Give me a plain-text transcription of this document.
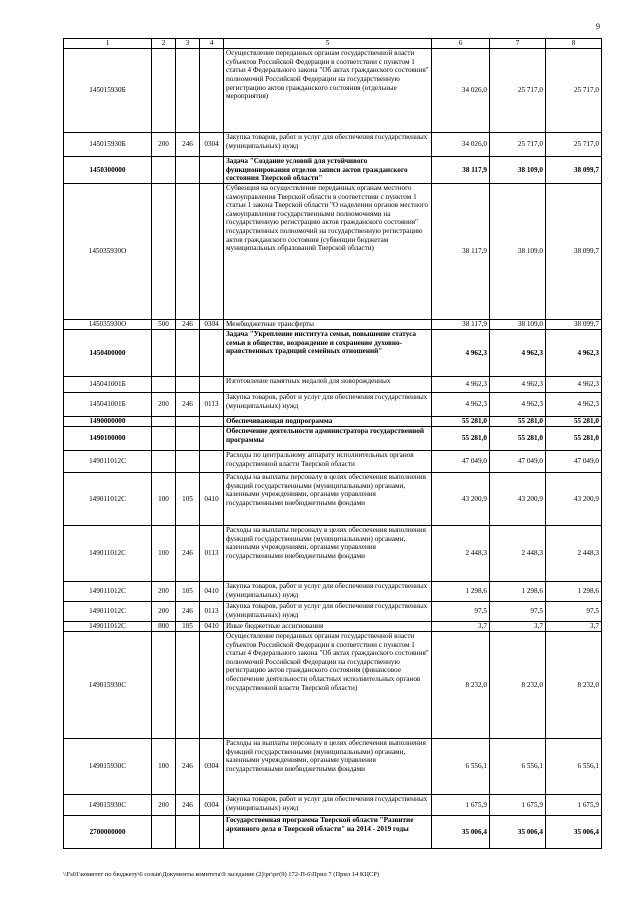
9
1	2	3	4	5	6	7	8
145015930Б				Осуществление переданных органам государственной власти субъектов Российской Федерации в соответствии с пунктом 1 статьи 4 Федерального закона "Об актах гражданского состояния" полномочий Российской Федерации на государственную регистрацию актов гражданского состояния (отдельные мероприятия)	34 026,0	25 717,0	25 717,0
145015930Б	200	246	0304	Закупка товаров, работ и услуг для обеспечения государственных (муниципальных) нужд	34 026,0	25 717,0	25 717,0
1450300000				Задача "Создание условий для устойчивого функционирования отделов записи актов гражданского состояния Тверской области"	38 117,9	38 109,0	38 099,7
145035930О				Субвенция на осуществление переданных органам местного самоуправления Тверской области в соответствии с пунктом 1 статьи 1 закона Тверской области "О наделении органов местного самоуправления государственными полномочиями на государственную регистрацию актов гражданского состояния" государственных полномочий на государственную регистрацию актов гражданского состояния (субвенции бюджетам муниципальных образований Тверской области)	38 117,9	38 109,0	38 099,7
145035930О	500	246	0304	Межбюджетные трансферты	38 117,9	38 109,0	38 099,7
1450400000				Задача "Укрепление института семьи, повышение статуса семьи в обществе, возрождение и сохранение духовно-нравственных традиций семейных отношений"	4 962,3	4 962,3	4 962,3
145041001Б				Изготовление памятных медалей для новорожденных	4 962,3	4 962,3	4 962,3
145041001Б	200	246	0113	Закупка товаров, работ и услуг для обеспечения государственных (муниципальных) нужд	4 962,3	4 962,3	4 962,3
1490000000				Обеспечивающая подпрограмма	55 281,0	55 281,0	55 281,0
1490100000				Обеспечение деятельности администратора государственной программы	55 281,0	55 281,0	55 281,0
149011012С				Расходы по центральному аппарату исполнительных органов государственной власти Тверской области	47 049,0	47 049,0	47 049,0
149011012С	100	105	0410	Расходы на выплаты персоналу в целях обеспечения выполнения функций государственными (муниципальными) органами, казенными учреждениями, органами управления государственными внебюджетными фондами	43 200,9	43 200,9	43 200,9
149011012С	100	246	0113	Расходы на выплаты персоналу в целях обеспечения выполнения функций государственными (муниципальными) органами, казенными учреждениями, органами управления государственными внебюджетными фондами	2 448,3	2 448,3	2 448,3
149011012С	200	105	0410	Закупка товаров, работ и услуг для обеспечения государственных (муниципальных) нужд	1 298,6	1 298,6	1 298,6
149011012С	200	246	0113	Закупка товаров, работ и услуг для обеспечения государственных (муниципальных) нужд	97,5	97,5	97,5
149011012С	800	105	0410	Иные бюджетные ассигнования	3,7	3,7	3,7
149015930С				Осуществление переданных органам государственной власти субъектов Российской Федерации в соответствии с пунктом 1 статьи 4 Федерального закона "Об актах гражданского состояния" полномочий Российской Федерации на государственную регистрацию актов гражданского состояния (финансовое обеспечение деятельности областных исполнительных органов государственной власти Тверской области)	8 232,0	8 232,0	8 232,0
149015930С	100	246	0304	Расходы на выплаты персоналу в целях обеспечения выполнения функций государственными (муниципальными) органами, казенными учреждениями, органами управления государственными внебюджетными фондами	6 556,1	6 556,1	6 556,1
149015930С	200	246	0304	Закупка товаров, работ и услуг для обеспечения государственных (муниципальных) нужд	1 675,9	1 675,9	1 675,9
2700000000				Государственная программа Тверской области "Развитие архивного дела в Тверской области" на 2014 - 2019 годы	35 006,4	35 006,4	35 006,4
\\Fs01\комитет по бюджету\6 созыв\Документы комитета\9 заседание (2)\рг\рг(9) 172-П-6\Прил 7 (Прил 14 КЦСР)
